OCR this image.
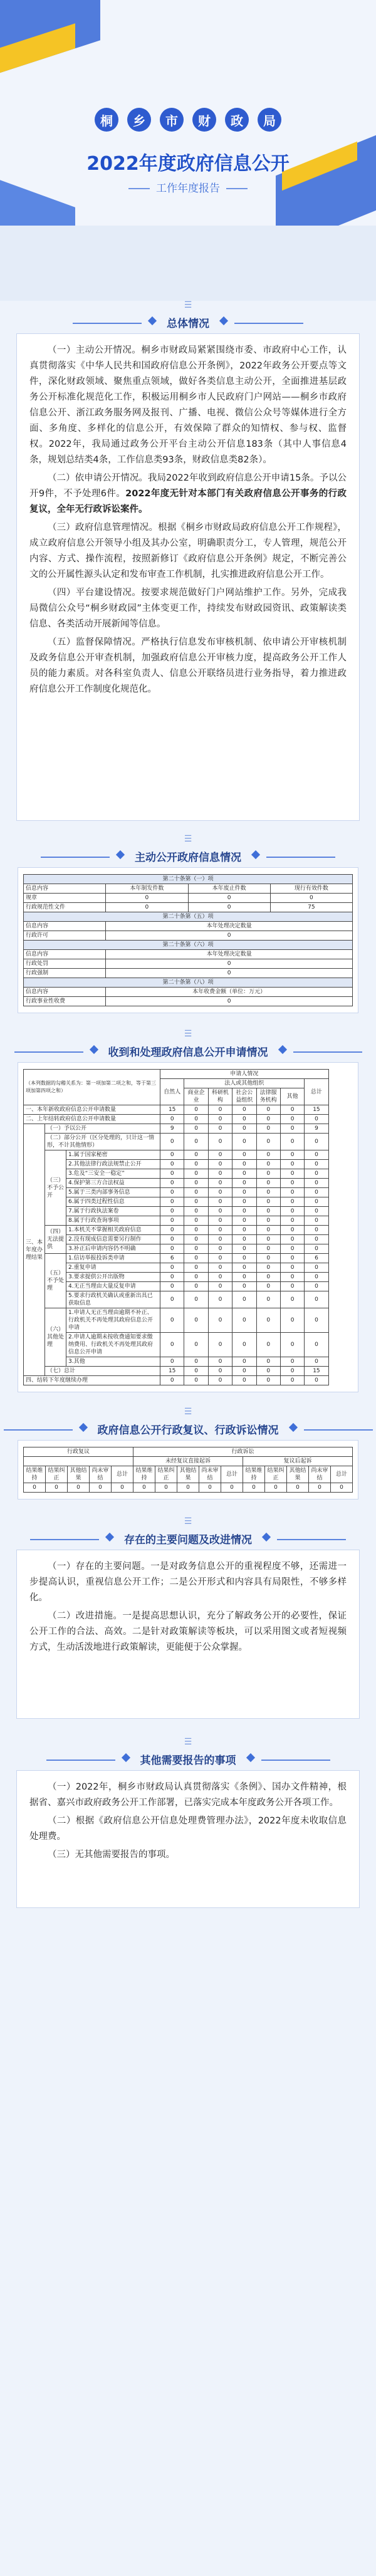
桐	乡	市	财	政	局
2022年度政府信息公开
工作年度报告
☰
总体情况

（一）主动公开情况。桐乡市财政局紧紧围绕市委、市政府中心工作，认真贯彻落实《中华人民共和国政府信息公开条例》，2022年政务公开要点等文件，深化财政领域、聚焦重点领域，做好各类信息主动公开，全面推进基层政务公开标准化规范化工作，积极运用桐乡市人民政府门户网站——桐乡市政府信息公开、浙江政务服务网及报刊、广播、电视、微信公众号等媒体进行全方面、多角度、多样化的信息公开，有效保障了群众的知情权、参与权、监督权。2022年，我局通过政务公开平台主动公开信息183条（其中人事信息4条，规划总结类4条，工作信息类93条，财政信息类82条）。

（二）依申请公开情况。我局2022年收到政府信息公开申请15条。予以公开9件，不予处理6件。2022年度无针对本部门有关政府信息公开事务的行政复议，全年无行政诉讼案件。

（三）政府信息管理情况。根据《桐乡市财政局政府信息公开工作规程》，成立政府信息公开领导小组及其办公室，明确职责分工，专人管理，规范公开内容、方式、操作流程，按照新修订《政府信息公开条例》规定，不断完善公文的公开属性源头认定和发布审查工作机制，扎实推进政府信息公开工作。

（四）平台建设情况。按要求规范做好门户网站维护工作。另外，完成我局微信公众号“桐乡财政园”主体变更工作，持续发布财政园资讯、政策解读类信息、各类活动开展新闻等信息。

（五）监督保障情况。严格执行信息发布审核机制、依申请公开审核机制及政务信息公开审查机制，加强政府信息公开审核力度，提高政务公开工作人员的能力素质。对各科室负责人、信息公开联络员进行业务指导，着力推进政府信息公开工作制度化规范化。

☰
主动公开政府信息情况
第二十条第（一）项			
信息内容	本年制发件数	本年废止件数	现行有效件数
规章	0	0	0
行政规范性文件	0	0	75
第二十条第（五）项			
信息内容	本年处理决定数量		
行政许可	0		
第二十条第（六）项			
信息内容	本年处理决定数量		
行政处罚	0		
行政强制	0		
第二十条第（八）项			
信息内容	本年收费金额（单位：万元）		
行政事业性收费	0		
☰
收到和处理政府信息公开申请情况
（本列数据的勾稽关系为：第一项加第二项之和，等于第三项加第四项之和）			申请人情况						
			自然人	法人或其他组织					总计
				商业企业	科研机构	社会公益组织	法律服务机构	其他	
一、本年新收政府信息公开申请数量			15	0	0	0	0	0	15
二、上年结转政府信息公开申请数量			0	0	0	0	0	0	0
三、本年度办理结果	（一）予以公开		9	0	0	0	0	0	9
	（二）部分公开（区分处理的，只计这一情形，不计其他情形）		0	0	0	0	0	0	0
	（三）不予公开	1.属于国家秘密	0	0	0	0	0	0	0
		2.其他法律行政法规禁止公开	0	0	0	0	0	0	0
		3.危及“三安全一稳定”	0	0	0	0	0	0	0
		4.保护第三方合法权益	0	0	0	0	0	0	0
		5.属于三类内部事务信息	0	0	0	0	0	0	0
		6.属于四类过程性信息	0	0	0	0	0	0	0
		7.属于行政执法案卷	0	0	0	0	0	0	0
		8.属于行政查询事项	0	0	0	0	0	0	0
	（四）无法提供	1.本机关不掌握相关政府信息	0	0	0	0	0	0	0
		2.没有现成信息需要另行制作	0	0	0	0	0	0	0
		3.补正后申请内容仍不明确	0	0	0	0	0	0	0
	（五）不予处理	1.信访举报投诉类申请	6	0	0	0	0	0	6
		2.重复申请	0	0	0	0	0	0	0
		3.要求提供公开出版物	0	0	0	0	0	0	0
		4.无正当理由大量反复申请	0	0	0	0	0	0	0
		5.要求行政机关确认或重新出具已获取信息	0	0	0	0	0	0	0
	（六）其他处理	1.申请人无正当理由逾期不补正、行政机关不再处理其政府信息公开申请	0	0	0	0	0	0	0
		2.申请人逾期未按收费通知要求缴纳费用、行政机关不再处理其政府信息公开申请	0	0	0	0	0	0	0
		3.其他	0	0	0	0	0	0	0
	（七）总计		15	0	0	0	0	0	15
四、结转下年度继续办理			0	0	0	0	0	0	0
☰
政府信息公开行政复议、行政诉讼情况
行政复议					行政诉讼									
					未经复议直接起诉					复议后起诉				
结果维持	结果纠正	其他结果	尚未审结	总计	结果维持	结果纠正	其他结果	尚未审结	总计	结果维持	结果纠正	其他结果	尚未审结	总计
0	0	0	0	0	0	0	0	0	0	0	0	0	0	0
☰
存在的主要问题及改进情况

（一）存在的主要问题。一是对政务信息公开的重视程度不够，还需进一步提高认识，重视信息公开工作；二是公开形式和内容具有局限性，不够多样化。

（二）改进措施。一是提高思想认识，充分了解政务公开的必要性，保证公开工作的合法、高效。二是针对政策解读等板块，可以采用图文或者短视频方式，生动活泼地进行政策解读，更能便于公众掌握。

☰
其他需要报告的事项

（一）2022年，桐乡市财政局认真贯彻落实《条例》、国办文件精神，根据省、嘉兴市政府政务公开工作部署，已落实完成本年度政务公开各项工作。

（二）根据《政府信息公开信息处理费管理办法》，2022年度未收取信息处理费。

（三）无其他需要报告的事项。
